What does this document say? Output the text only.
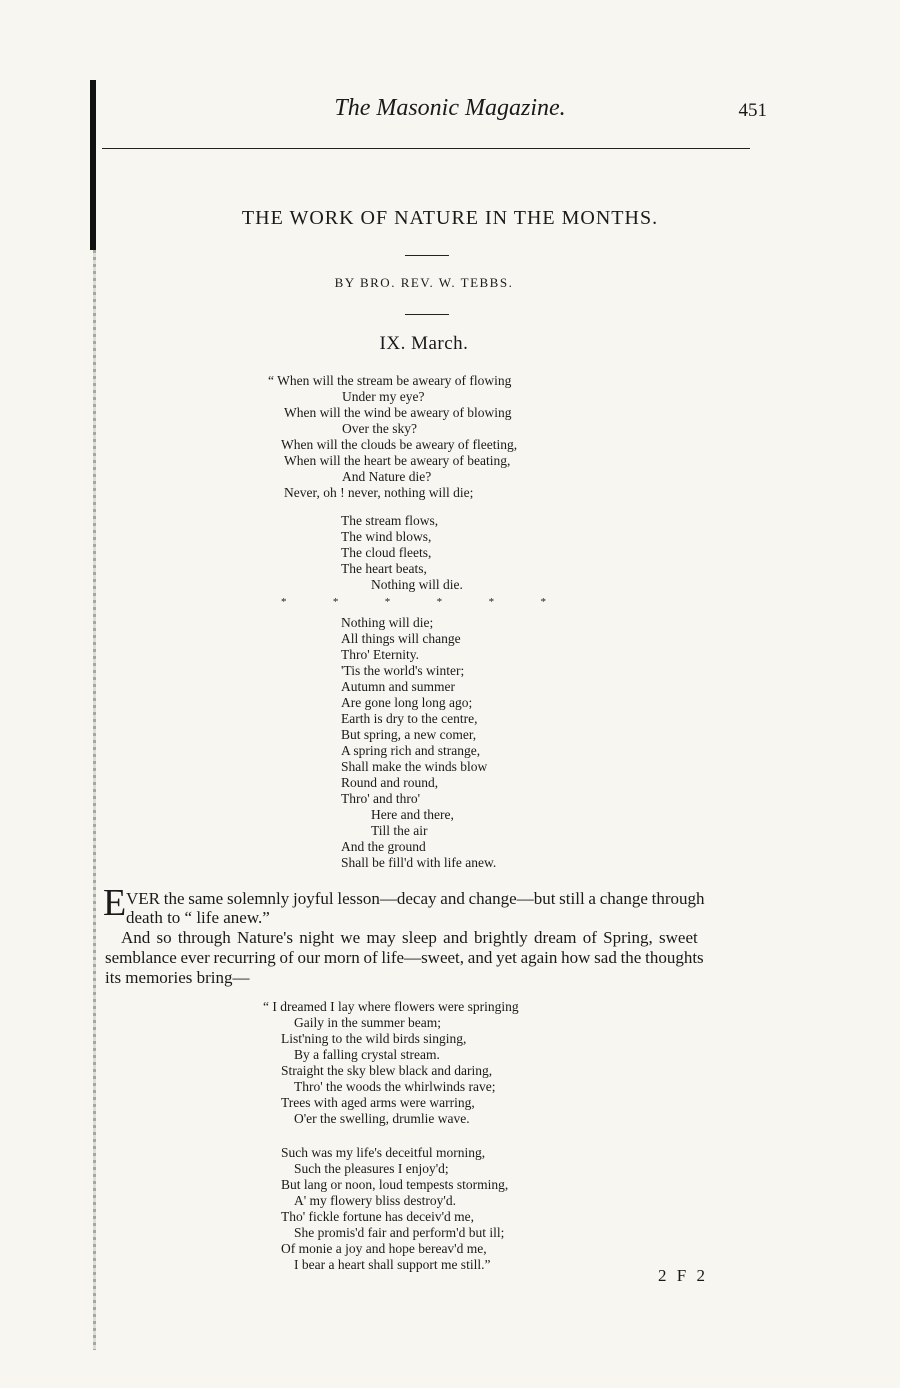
The Masonic Magazine.	451
THE WORK OF NATURE IN THE MONTHS.
BY BRO. REV. W. TEBBS.
IX. March.
“ When will the stream be aweary of flowing
Under my eye?
When will the wind be aweary of blowing
Over the sky?
When will the clouds be aweary of fleeting,
When will the heart be aweary of beating,
And Nature die?
Never, oh ! never, nothing will die;
The stream flows,
The wind blows,
The cloud fleets,
The heart beats,
Nothing will die.
*	*	*	*	*	*
Nothing will die;
All things will change
Thro' Eternity.
'Tis the world's winter;
Autumn and summer
Are gone long long ago;
Earth is dry to the centre,
But spring, a new comer,
A spring rich and strange,
Shall make the winds blow
Round and round,
Thro' and thro'
Here and there,
Till the air
And the ground
Shall be fill'd with life anew.
E VER the same solemnly joyful lesson—decay and change—but still a change through
death to “ life anew.”
And so through Nature's night we may sleep and brightly dream of Spring, sweet
semblance ever recurring of our morn of life—sweet, and yet again how sad the thoughts
its memories bring—
“ I dreamed I lay where flowers were springing
Gaily in the summer beam;
List'ning to the wild birds singing,
By a falling crystal stream.
Straight the sky blew black and daring,
Thro' the woods the whirlwinds rave;
Trees with aged arms were warring,
O'er the swelling, drumlie wave.
Such was my life's deceitful morning,
Such the pleasures I enjoy'd;
But lang or noon, loud tempests storming,
A' my flowery bliss destroy'd.
Tho' fickle fortune has deceiv'd me,
She promis'd fair and perform'd but ill;
Of monie a joy and hope bereav'd me,
I bear a heart shall support me still.”
2 F 2
